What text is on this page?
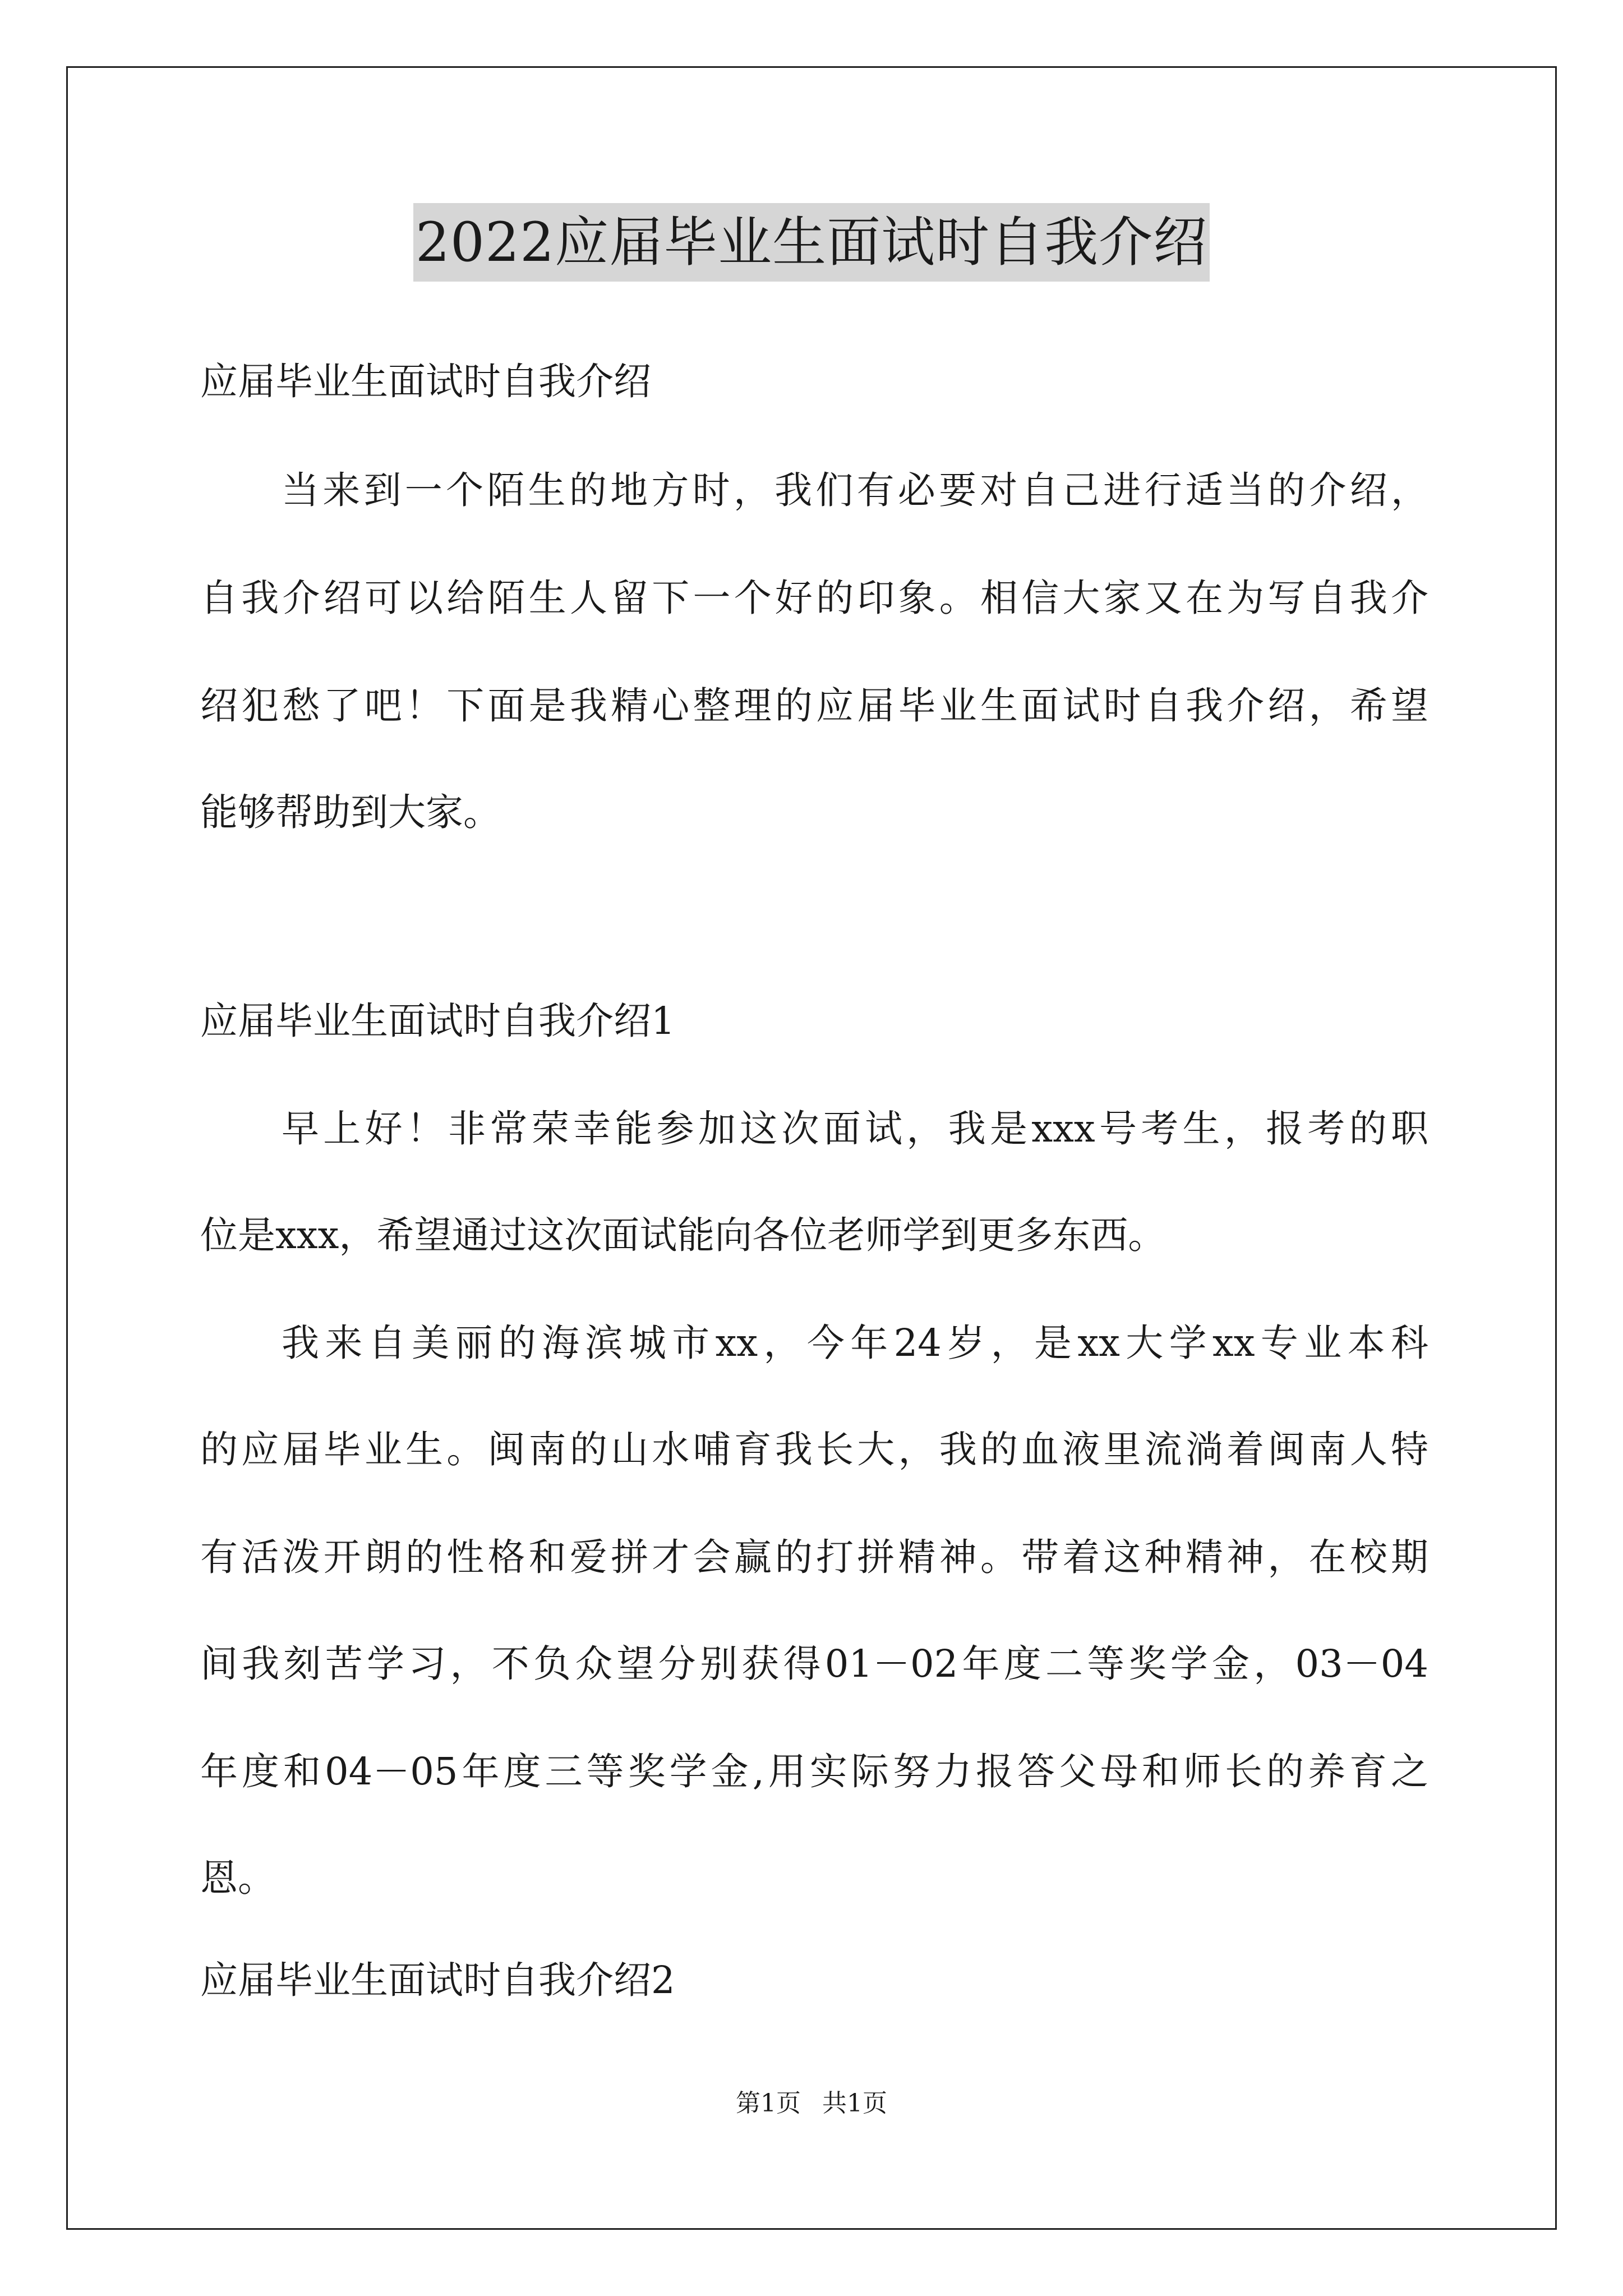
2022应届毕业生面试时自我介绍
应届毕业生面试时自我介绍
当来到一个陌生的地方时，我们有必要对自己进行适当的介绍，
自我介绍可以给陌生人留下一个好的印象。相信大家又在为写自我介
绍犯愁了吧！下面是我精心整理的应届毕业生面试时自我介绍，希望
能够帮助到大家。
应届毕业生面试时自我介绍1
早上好！非常荣幸能参加这次面试，我是xxx号考生，报考的职
位是xxx，希望通过这次面试能向各位老师学到更多东西。
我来自美丽的海滨城市xx，今年24岁，是xx大学xx专业本科
的应届毕业生。闽南的山水哺育我长大，我的血液里流淌着闽南人特
有活泼开朗的性格和爱拼才会赢的打拼精神。带着这种精神，在校期
间我刻苦学习，不负众望分别获得01－02年度二等奖学金，03－04
年度和04－05年度三等奖学金,用实际努力报答父母和师长的养育之
恩。
应届毕业生面试时自我介绍2
第1页 共1页
